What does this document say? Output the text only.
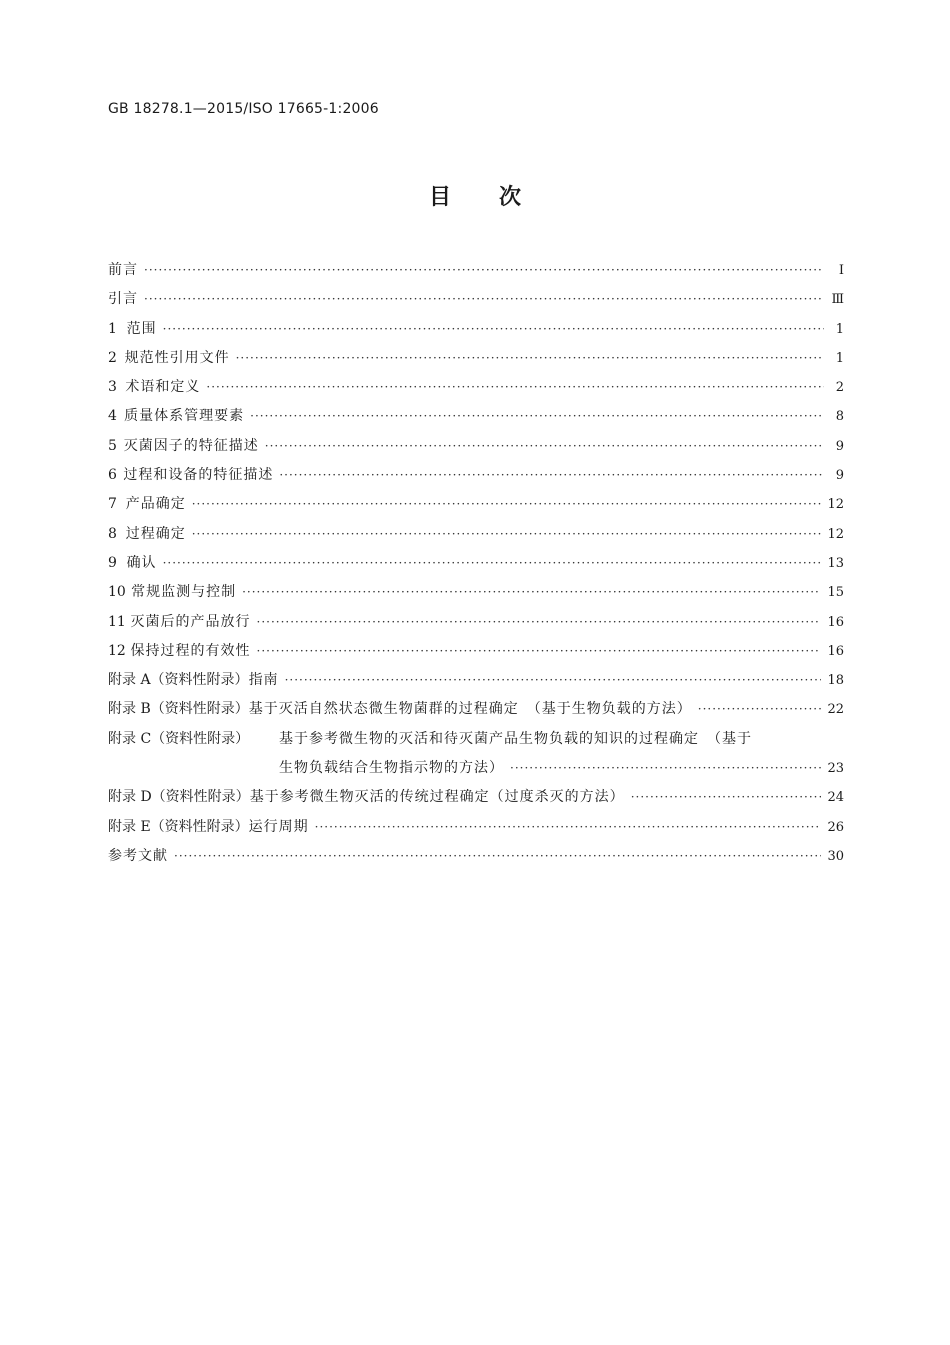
GB 18278.1—2015/ISO 17665-1:2006
目次
前言 ·····	Ⅰ
引言 ·····	Ⅲ
1 范围 ·····	1
2 规范性引用文件 ·····	1
3 术语和定义 ·····	2
4 质量体系管理要素 ·····	8
5 灭菌因子的特征描述 ·····	9
6 过程和设备的特征描述 ·····	9
7 产品确定 ·····	12
8 过程确定 ·····	12
9 确认 ·····	13
10 常规监测与控制 ·····	15
11 灭菌后的产品放行 ·····	16
12 保持过程的有效性 ·····	16
附录 A（资料性附录） 指南 ·····	18
附录 B（资料性附录） 基于灭活自然状态微生物菌群的过程确定　（基于生物负载的方法） ·····	22
附录 C（资料性附录） 基于参考微生物的灭活和待灭菌产品生物负载的知识的过程确定　（基于
生物负载结合生物指示物的方法） ·····	23
附录 D（资料性附录） 基于参考微生物灭活的传统过程确定（过度杀灭的方法） ·····	24
附录 E（资料性附录） 运行周期 ·····	26
参考文献 ·····	30
